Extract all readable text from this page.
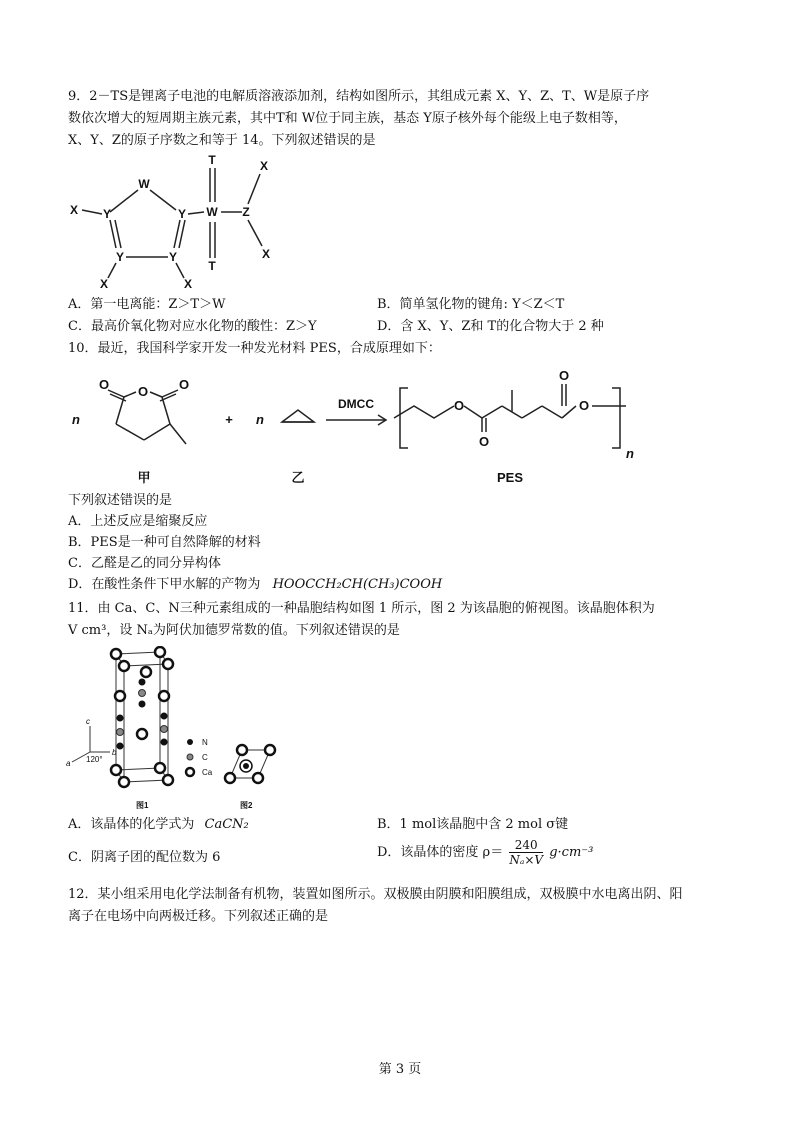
9．2－TS是锂离子电池的电解质溶液添加剂，结构如图所示，其组成元素 X、Y、Z、T、W是原子序
数依次增大的短周期主族元素，其中T和 W位于同主族，基态 Y原子核外每个能级上电子数相等，
X、Y、Z的原子序数之和等于 14。下列叙述错误的是
X Y
W
Y
Y	Y
X	X
W
T
T
Z
X
X
A．第一电离能：Z＞T＞W	B．简单氢化物的键角: Y＜Z＜T
C．最高价氧化物对应水化物的酸性：Z＞Y	D．含 X、Y、Z和 T的化合物大于 2 种
10．最近，我国科学家开发一种发光材料 PES，合成原理如下：
O
O	O
n	+ n
DMCC	O
O
O
O
n
甲	乙	PES
下列叙述错误的是
A．上述反应是缩聚反应
B．PES是一种可自然降解的材料
C．乙醛是乙的同分异构体
D．在酸性条件下甲水解的产物为 HOOCCH₂CH(CH₃)COOH
11．由 Ca、C、N三种元素组成的一种晶胞结构如图 1 所示，图 2 为该晶胞的俯视图。该晶胞体积为
V cm³，设 Nₐ为阿伏加德罗常数的值。下列叙述错误的是
N
C
Ca
c
b
a 120°
图1	图2
A．该晶体的化学式为 CaCN₂	B．1 mol该晶胞中含 2 mol σ键
C．阴离子团的配位数为 6	D．该晶体的密度 $\rho= \frac{240}{\text{Nₐ×V}} g\cdot cm^{-3}$
12．某小组采用电化学法制备有机物，装置如图所示。双极膜由阴膜和阳膜组成，双极膜中水电离出阴、阳
离子在电场中向两极迁移。下列叙述正确的是
第 3 页
